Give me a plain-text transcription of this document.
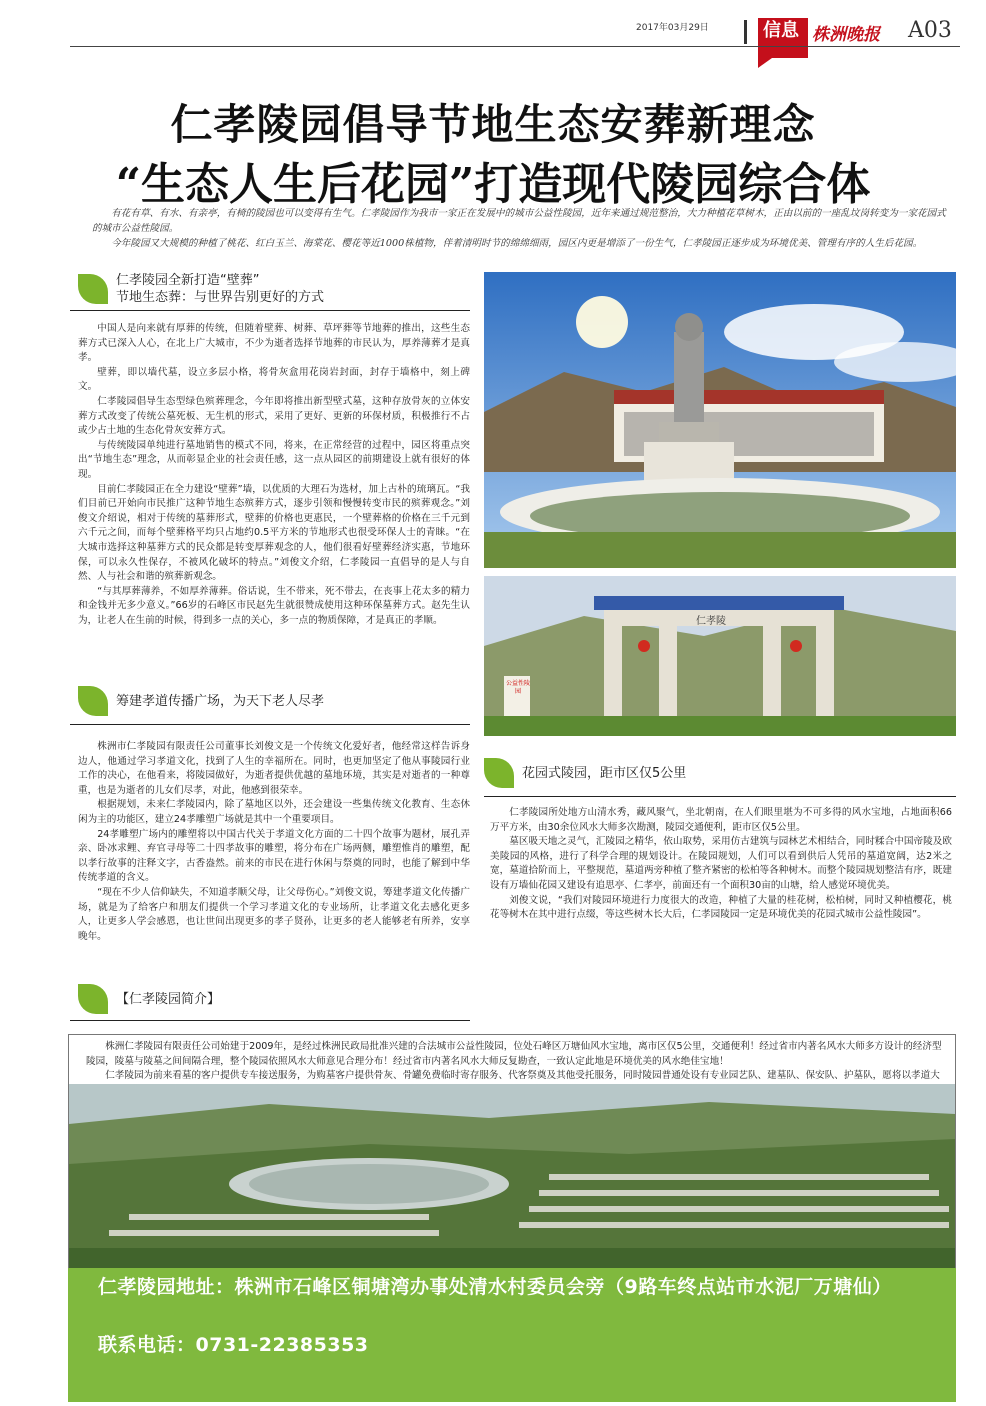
2017年03月29日	信息 株洲晚报 A03
仁孝陵园倡导节地生态安葬新理念
“生态人生后花园”打造现代陵园综合体
有花有草、有水、有亲亭，有椅的陵园也可以变得有生气。仁孝陵园作为我市一家正在发展中的城市公益性陵园，近年来通过规范整治，大力种植花草树木，正由以前的一座乱坟岗转变为一家花园式的城市公益性陵园。
今年陵园又大规模的种植了桃花、红白玉兰、海棠花、樱花等近1000株植物，伴着清明时节的绵绵细雨，园区内更是增添了一份生气，仁孝陵园正逐步成为环境优美、管理有序的人生后花园。
仁孝陵园全新打造“壁葬”
节地生态葬：与世界告别更好的方式

中国人是向来就有厚葬的传统，但随着壁葬、树葬、草坪葬等节地葬的推出，这些生态葬方式已深入人心，在北上广大城市，不少为逝者选择节地葬的市民认为，厚养薄葬才是真孝。

壁葬，即以墙代墓，设立多层小格，将骨灰盒用花岗岩封面，封存于墙格中，刻上碑文。

仁孝陵园倡导生态型绿色殡葬理念，今年即将推出新型壁式墓，这种存放骨灰的立体安葬方式改变了传统公墓死板、无生机的形式，采用了更好、更新的环保材质，积极推行不占或少占土地的生态化骨灰安葬方式。

与传统陵园单纯进行墓地销售的模式不同，将来，在正常经营的过程中，园区将重点突出“节地生态”理念，从而彰显企业的社会责任感，这一点从园区的前期建设上就有很好的体现。

目前仁孝陵园正在全力建设“壁葬”墙，以优质的大理石为选材，加上古朴的琉璃瓦。“我们目前已开始向市民推广这种节地生态殡葬方式，逐步引领和慢慢转变市民的殡葬观念。”刘俊文介绍说，相对于传统的墓葬形式，壁葬的价格也更惠民，一个壁葬格的价格在三千元到六千元之间，而每个壁葬格平均只占地约0.5平方米的节地形式也很受环保人士的青睐。“在大城市选择这种墓葬方式的民众都是转变厚葬观念的人，他们很看好壁葬经济实惠，节地环保，可以永久性保存，不被风化破坏的特点。”刘俊文介绍，仁孝陵园一直倡导的是人与自然、人与社会和谐的殡葬新观念。

“与其厚葬薄养，不如厚养薄葬。俗话说，生不带来，死不带去，在丧事上花太多的精力和金钱并无多少意义。”66岁的石峰区市民赵先生就很赞成使用这种环保墓葬方式。赵先生认为，让老人在生前的时候，得到多一点的关心，多一点的物质保障，才是真正的孝顺。

筹建孝道传播广场，为天下老人尽孝

株洲市仁孝陵园有限责任公司董事长刘俊文是一个传统文化爱好者，他经常这样告诉身边人，他通过学习孝道文化，找到了人生的幸福所在。同时，也更加坚定了他从事陵园行业工作的决心，在他看来，将陵园做好，为逝者提供优越的墓地环境，其实是对逝者的一种尊重，也是为逝者的儿女们尽孝，对此，他感到很荣幸。

根据规划，未来仁孝陵园内，除了墓地区以外，还会建设一些集传统文化教育、生态休闲为主的功能区，建立24孝雕塑广场就是其中一个重要项目。

24孝雕塑广场内的雕塑将以中国古代关于孝道文化方面的二十四个故事为题材，展孔弄亲、卧冰求鲤、弃官寻母等二十四孝故事的雕塑，将分布在广场两侧，雕塑惟肖的雕塑，配以孝行故事的注释文字，古香盎然。前来的市民在进行休闲与祭奠的同时，也能了解到中华传统孝道的含义。

“现在不少人信仰缺失，不知道孝顺父母，让父母伤心。”刘俊文说，筹建孝道文化传播广场，就是为了给客户和朋友们提供一个学习孝道文化的专业场所，让孝道文化去感化更多人，让更多人学会感恩，也让世间出现更多的孝子贤孙，让更多的老人能够老有所养，安享晚年。

仁孝陵
公益性陵园
花园式陵园，距市区仅5公里

仁孝陵园所处地方山清水秀，藏风聚气，坐北朝南，在人们眼里堪为不可多得的风水宝地，占地面积66万平方米，由30余位风水大师多次勘测，陵园交通便利，距市区仅5公里。

墓区吸天地之灵气，汇陵园之精华，依山取势，采用仿古建筑与园林艺术相结合，同时糅合中国帝陵及欧美陵园的风格，进行了科学合理的规划设计。在陵园规划，人们可以看到供后人凭吊的墓道宽阔，达2米之宽，墓道拾阶而上，平整规范，墓道两旁种植了整齐紧密的松柏等各种树木。而整个陵园规划整洁有序，既建设有万墙仙花园又建设有追思亭、仁孝亭，前面还有一个面积30亩的山塘，给人感觉环境优美。

刘俊文说，“我们对陵园环境进行力度很大的改造，种植了大量的桂花树，松柏树，同时又种植樱花，桃花等树木在其中进行点缀，等这些树木长大后，仁孝园陵园一定是环境优美的花园式城市公益性陵园”。

【仁孝陵园简介】

株洲仁孝陵园有限责任公司始建于2009年，是经过株洲民政局批准兴建的合法城市公益性陵园，位处石峰区万塘仙风水宝地，离市区仅5公里，交通便利！经过省市内著名风水大师多方设计的经济型陵园，陵墓与陵墓之间间隔合理，整个陵园依照风水大师意见合理分布！经过省市内著名风水大师反复勘查，一致认定此地是环境优美的风水绝佳宝地！

仁孝陵园为前来看墓的客户提供专车接送服务，为购墓客户提供骨灰、骨罐免费临时寄存服务、代客祭奠及其他受托服务，同时陵园普通处设有专业园艺队、建墓队、保安队、护墓队，愿将以孝道大

仁孝陵园地址：株洲市石峰区铜塘湾办事处清水村委员会旁（9路车终点站市水泥厂万塘仙）
联系电话：0731-22385353
